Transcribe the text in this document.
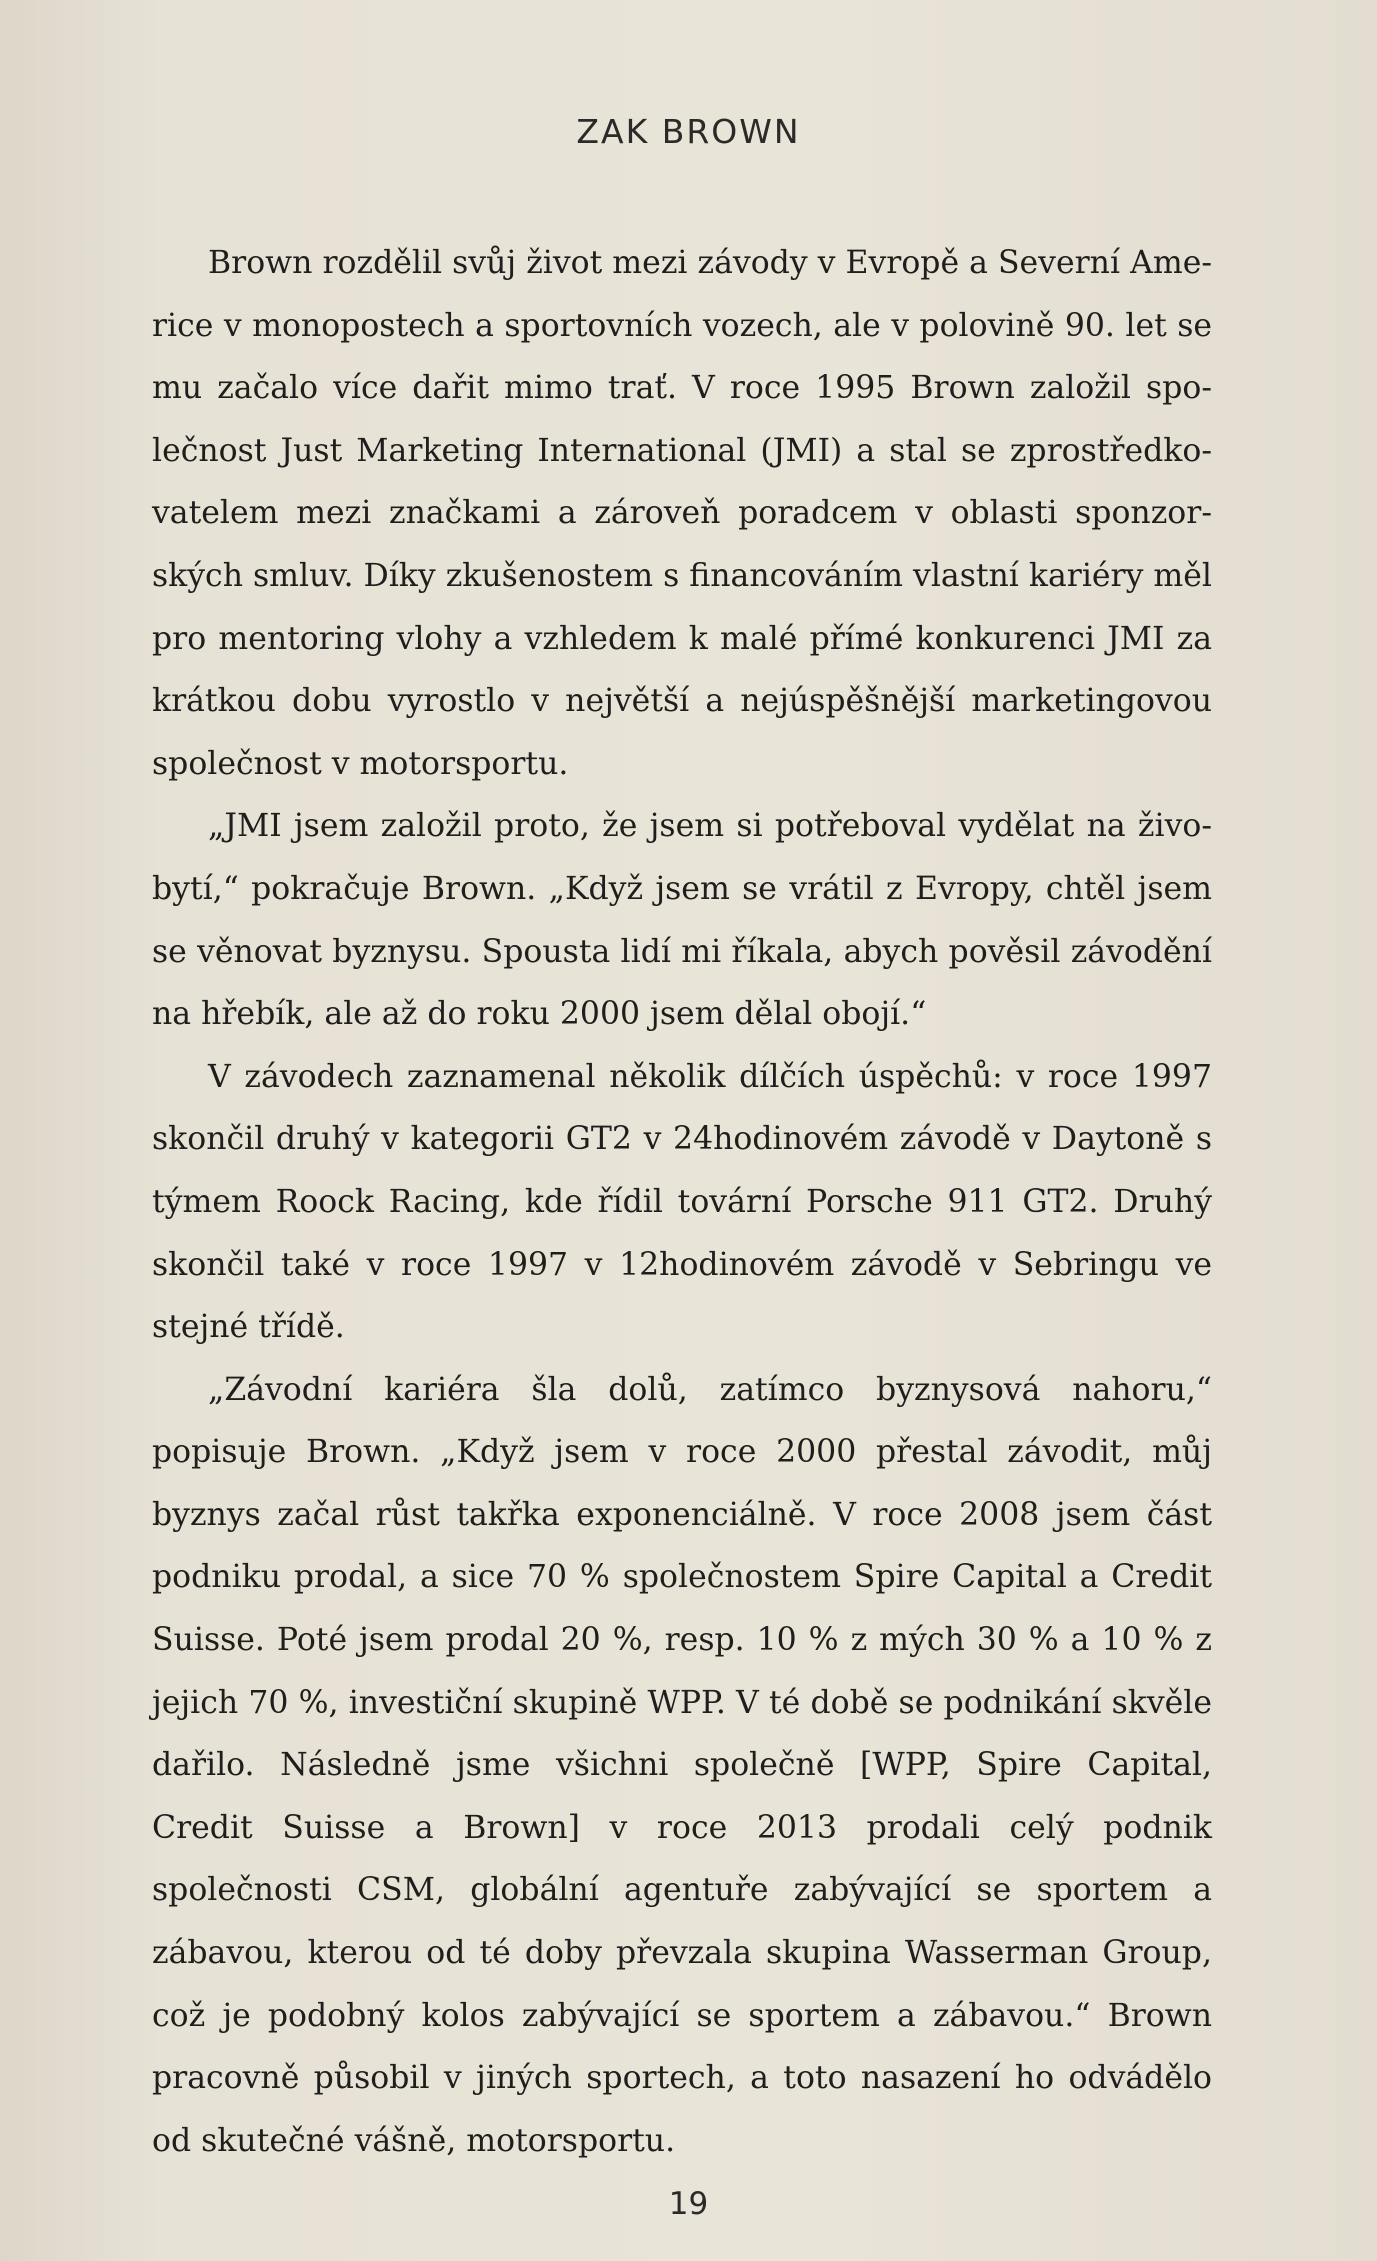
ZAK BROWN

Brown rozdělil svůj život mezi závody v Evropě a Severní Americe v monopostech a sportovních vozech, ale v polovině 90. let se mu začalo více dařit mimo trať. V roce 1995 Brown založil společnost Just Marketing International (JMI) a stal se zprostředkovatelem mezi značkami a zároveň poradcem v oblasti sponzorských smluv. Díky zkušenostem s financováním vlastní kariéry měl pro mentoring vlohy a vzhledem k malé přímé konkurenci JMI za krátkou dobu vyrostlo v největší a nejúspěšnější marketingovou společnost v motorsportu.

„JMI jsem založil proto, že jsem si potřeboval vydělat na živobytí,“ pokračuje Brown. „Když jsem se vrátil z Evropy, chtěl jsem se věnovat byznysu. Spousta lidí mi říkala, abych pověsil závodění na hřebík, ale až do roku 2000 jsem dělal obojí.“

V závodech zaznamenal několik dílčích úspěchů: v roce 1997 skončil druhý v kategorii GT2 v 24hodinovém závodě v Daytoně s týmem Roock Racing, kde řídil tovární Porsche 911 GT2. Druhý skončil také v roce 1997 v 12hodinovém závodě v Sebringu ve stejné třídě.

„Závodní kariéra šla dolů, zatímco byznysová nahoru,“ popisuje Brown. „Když jsem v roce 2000 přestal závodit, můj byznys začal růst takřka exponenciálně. V roce 2008 jsem část podniku prodal, a sice 70 % společnostem Spire Capital a Credit Suisse. Poté jsem prodal 20 %, resp. 10 % z mých 30 % a 10 % z jejich 70 %, investiční skupině WPP. V té době se podnikání skvěle dařilo. Následně jsme všichni společně [WPP, Spire Capital, Credit Suisse a Brown] v roce 2013 prodali celý podnik společnosti CSM, globální agentuře zabývající se sportem a zábavou, kterou od té doby převzala skupina Wasserman Group, což je podobný kolos zabývající se sportem a zábavou.“ Brown pracovně působil v jiných sportech, a toto nasazení ho odvádělo od skutečné vášně, motorsportu.

19
